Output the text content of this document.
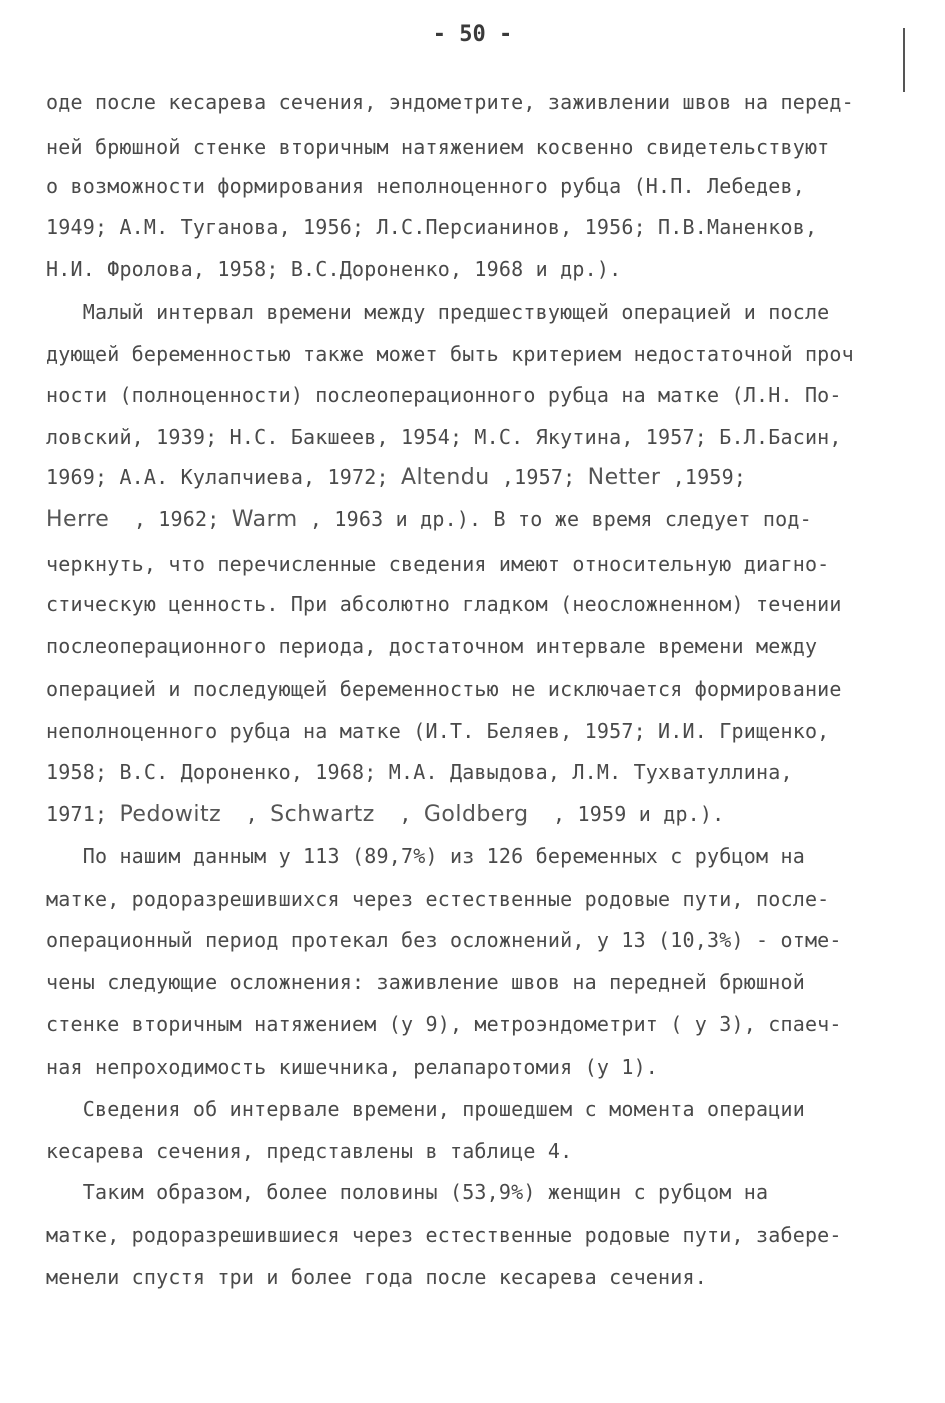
- 50 -
оде после кесарева сечения, эндометрите, заживлении швов на перед-
ней брюшной стенке вторичным натяжением косвенно свидетельствуют
о возможности формирования неполноценного рубца (Н.П. Лебедев,
1949; А.М. Туганова, 1956; Л.С.Персианинов, 1956; П.В.Маненков,
Н.И. Фролова, 1958; В.С.Дороненко, 1968 и др.).
Малый интервал времени между предшествующей операцией и после
дующей беременностью также может быть критерием недостаточной проч
ности (полноценности) послеоперационного рубца на матке (Л.Н. По-
ловский, 1939; Н.С. Бакшеев, 1954; М.С. Якутина, 1957; Б.Л.Басин,
1969; А.А. Кулапчиева, 1972; Altendu ,1957; Netter ,1959;
Herre  , 1962; Warm , 1963 и др.). В то же время следует под-
черкнуть, что перечисленные сведения имеют относительную диагно-
стическую ценность. При абсолютно гладком (неосложненном) течении
послеоперационного периода, достаточном интервале времени между
операцией и последующей беременностью не исключается формирование
неполноценного рубца на матке (И.Т. Беляев, 1957; И.И. Грищенко,
1958; В.С. Дороненко, 1968; М.А. Давыдова, Л.М. Тухватуллина,
1971; Pedowitz  , Schwartz  , Goldberg  , 1959 и др.).
По нашим данным у 113 (89,7%) из 126 беременных с рубцом на
матке, родоразрешившихся через естественные родовые пути, после-
операционный период протекал без осложнений, у 13 (10,3%) - отме-
чены следующие осложнения: заживление швов на передней брюшной
стенке вторичным натяжением (у 9), метроэндометрит ( у 3), спаеч-
ная непроходимость кишечника, релапаротомия (у 1).
Сведения об интервале времени, прошедшем с момента операции
кесарева сечения, представлены в таблице 4.
Таким образом, более половины (53,9%) женщин с рубцом на
матке, родоразрешившиеся через естественные родовые пути, забере-
менели спустя три и более года после кесарева сечения.
